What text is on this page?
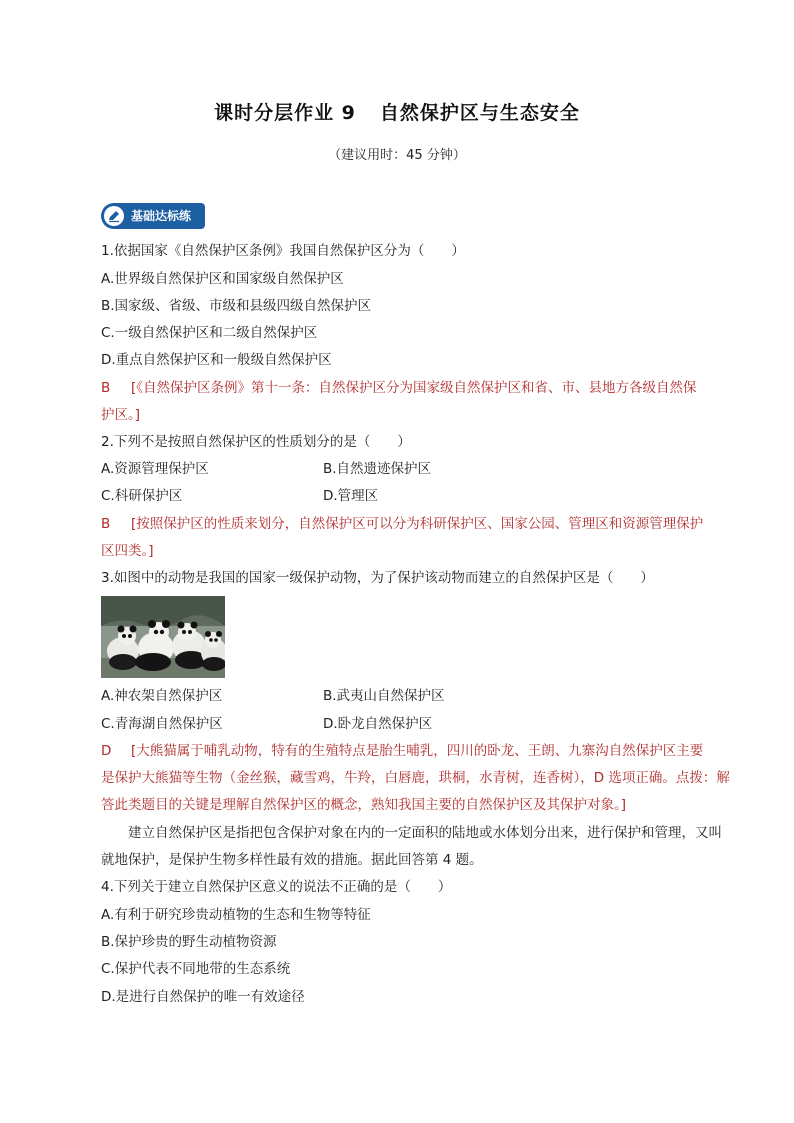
课时分层作业 9 自然保护区与生态安全
（建议用时：45 分钟）
基础达标练
1.依据国家《自然保护区条例》我国自然保护区分为（　　）
A.世界级自然保护区和国家级自然保护区
B.国家级、省级、市级和县级四级自然保护区
C.一级自然保护区和二级自然保护区
D.重点自然保护区和一般级自然保护区
B [《自然保护区条例》第十一条：自然保护区分为国家级自然保护区和省、市、县地方各级自然保
护区。]
2.下列不是按照自然保护区的性质划分的是（　　）
A.资源管理保护区	B.自然遗迹保护区
C.科研保护区	D.管理区
B [按照保护区的性质来划分，自然保护区可以分为科研保护区、国家公园、管理区和资源管理保护
区四类。]
3.如图中的动物是我国的国家一级保护动物，为了保护该动物而建立的自然保护区是（　　）
A.神农架自然保护区	B.武夷山自然保护区
C.青海湖自然保护区	D.卧龙自然保护区
D [大熊猫属于哺乳动物，特有的生殖特点是胎生哺乳，四川的卧龙、王朗、九寨沟自然保护区主要
是保护大熊猫等生物（金丝猴，藏雪鸡，牛羚，白唇鹿，珙桐，水青树，连香树），D 选项正确。点拨：解
答此类题目的关键是理解自然保护区的概念，熟知我国主要的自然保护区及其保护对象。]
　　建立自然保护区是指把包含保护对象在内的一定面积的陆地或水体划分出来，进行保护和管理，又叫
就地保护，是保护生物多样性最有效的措施。据此回答第 4 题。
4.下列关于建立自然保护区意义的说法不正确的是（　　）
A.有利于研究珍贵动植物的生态和生物等特征
B.保护珍贵的野生动植物资源
C.保护代表不同地带的生态系统
D.是进行自然保护的唯一有效途径
